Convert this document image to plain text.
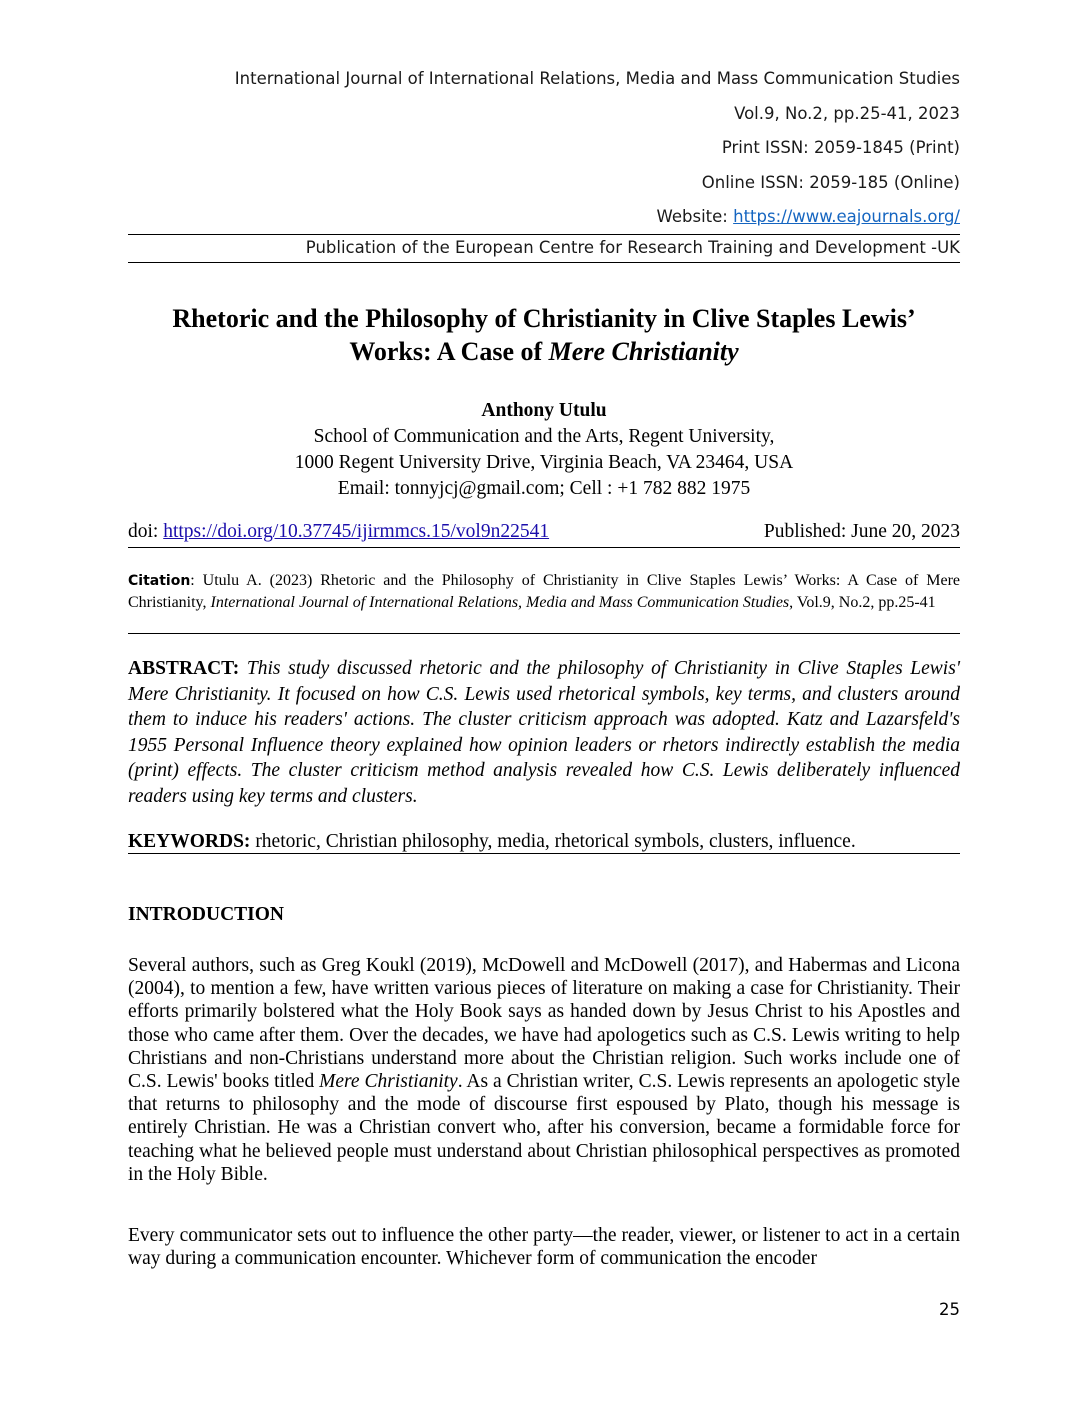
International Journal of International Relations, Media and Mass Communication Studies
Vol.9, No.2, pp.25-41, 2023
Print ISSN: 2059-1845 (Print)
Online ISSN: 2059-185 (Online)
Website: https://www.eajournals.org/
Publication of the European Centre for Research Training and Development -UK
Rhetoric and the Philosophy of Christianity in Clive Staples Lewis’
Works: A Case of Mere Christianity
Anthony Utulu
School of Communication and the Arts, Regent University,
1000 Regent University Drive, Virginia Beach, VA 23464, USA
Email: tonnyjcj@gmail.com; Cell : +1 782 882 1975
doi: https://doi.org/10.37745/ijirmmcs.15/vol9n22541	Published: June 20, 2023
Citation: Utulu A. (2023) Rhetoric and the Philosophy of Christianity in Clive Staples Lewis’ Works: A Case of Mere Christianity, International Journal of International Relations, Media and Mass Communication Studies, Vol.9, No.2, pp.25-41
ABSTRACT: This study discussed rhetoric and the philosophy of Christianity in Clive Staples Lewis' Mere Christianity. It focused on how C.S. Lewis used rhetorical symbols, key terms, and clusters around them to induce his readers' actions. The cluster criticism approach was adopted. Katz and Lazarsfeld's 1955 Personal Influence theory explained how opinion leaders or rhetors indirectly establish the media (print) effects. The cluster criticism method analysis revealed how C.S. Lewis deliberately influenced readers using key terms and clusters.
KEYWORDS: rhetoric, Christian philosophy, media, rhetorical symbols, clusters, influence.
INTRODUCTION

Several authors, such as Greg Koukl (2019), McDowell and McDowell (2017), and Habermas and Licona (2004), to mention a few, have written various pieces of literature on making a case for Christianity. Their efforts primarily bolstered what the Holy Book says as handed down by Jesus Christ to his Apostles and those who came after them. Over the decades, we have had apologetics such as C.S. Lewis writing to help Christians and non-Christians understand more about the Christian religion. Such works include one of C.S. Lewis' books titled Mere Christianity. As a Christian writer, C.S. Lewis represents an apologetic style that returns to philosophy and the mode of discourse first espoused by Plato, though his message is entirely Christian. He was a Christian convert who, after his conversion, became a formidable force for teaching what he believed people must understand about Christian philosophical perspectives as promoted in the Holy Bible.

Every communicator sets out to influence the other party—the reader, viewer, or listener to act in a certain way during a communication encounter. Whichever form of communication the encoder

25
